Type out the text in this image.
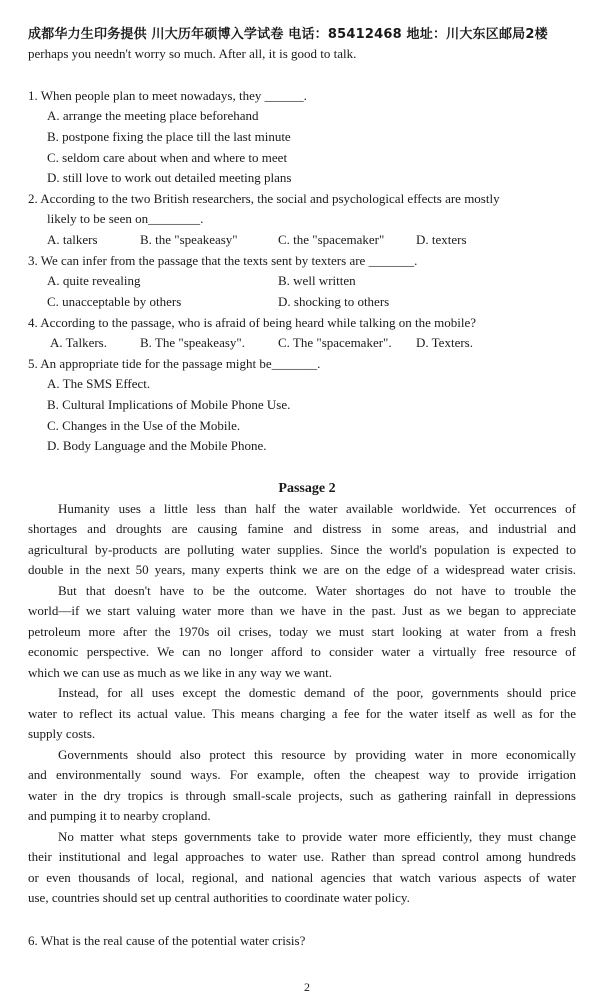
成都华力生印务提供 川大历年硕博入学试卷 电话：85412468 地址：川大东区邮局2楼
perhaps you needn't worry so much. After all, it is good to talk.
1. When people plan to meet nowadays, they ______.
A. arrange the meeting place beforehand
B. postpone fixing the place till the last minute
C. seldom care about when and where to meet
D. still love to work out detailed meeting plans
2. According to the two British researchers, the social and psychological effects are mostly
likely to be seen on________.
A. talkers	B. the "speakeasy"	C. the "spacemaker" D. texters
3. We can infer from the passage that the texts sent by texters are _______.
A. quite revealing	B. well written
C. unacceptable by others	D. shocking to others
4. According to the passage, who is afraid of being heard while talking on the mobile?
A. Talkers.	B. The "speakeasy".	C. The "spacemaker". D. Texters.
5. An appropriate tide for the passage might be_______.
A. The SMS Effect.
B. Cultural Implications of Mobile Phone Use.
C. Changes in the Use of the Mobile.
D. Body Language and the Mobile Phone.
Passage 2
Humanity uses a little less than half the water available worldwide. Yet occurrences of
shortages and droughts are causing famine and distress in some areas, and industrial and
agricultural by-products are polluting water supplies. Since the world's population is expected to
double in the next 50 years, many experts think we are on the edge of a widespread water crisis.
But that doesn't have to be the outcome. Water shortages do not have to trouble the
world—if we start valuing water more than we have in the past. Just as we began to appreciate
petroleum more after the 1970s oil crises, today we must start looking at water from a fresh
economic perspective. We can no longer afford to consider water a virtually free resource of
which we can use as much as we like in any way we want.
Instead, for all uses except the domestic demand of the poor, governments should price
water to reflect its actual value. This means charging a fee for the water itself as well as for the
supply costs.
Governments should also protect this resource by providing water in more economically
and environmentally sound ways. For example, often the cheapest way to provide irrigation
water in the dry tropics is through small-scale projects, such as gathering rainfall in depressions
and pumping it to nearby cropland.
No matter what steps governments take to provide water more efficiently, they must change
their institutional and legal approaches to water use. Rather than spread control among hundreds
or even thousands of local, regional, and national agencies that watch various aspects of water
use, countries should set up central authorities to coordinate water policy.
6. What is the real cause of the potential water crisis?
2
